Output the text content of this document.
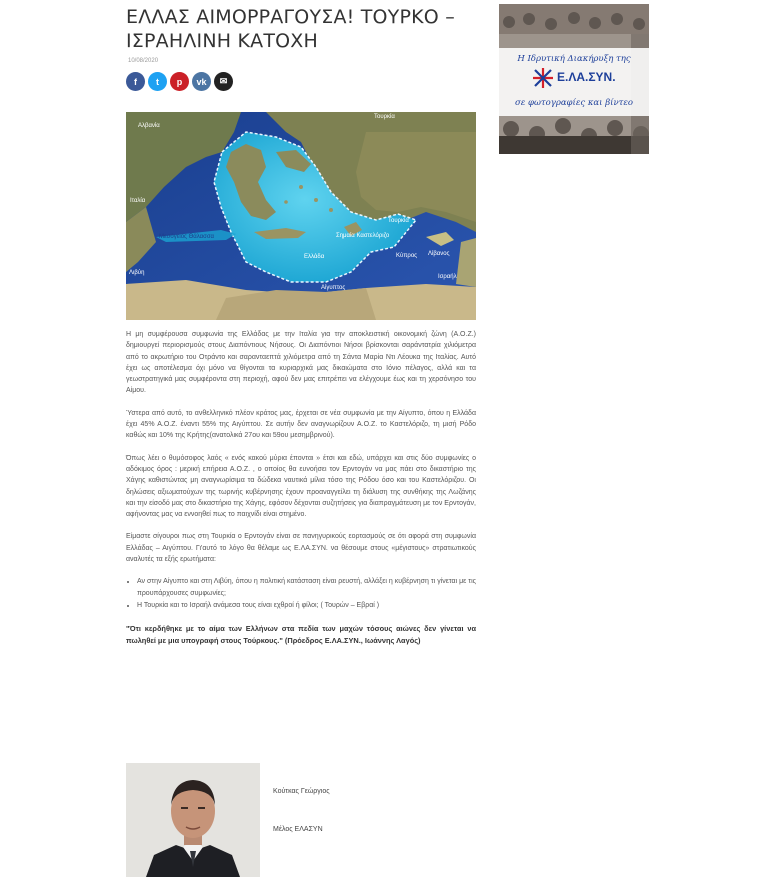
ΕΛΛΑΣ ΑΙΜΟΡΡΑΓΟΥΣΑ! ΤΟΥΡΚΟ – ΙΣΡΑΗΛΙΝΗ ΚΑΤΟΧΗ
10/08/2020
f t p vk ✉
Αλβανία
Ιταλία
Μεσόγειος Θάλασσα
Τουρκία
Τουρκία
Σημαία Καστελόριζο
Ελλάδα	Κύπρος Λίβανος
Ισραήλ
Λιβύη
Αίγυπτος

Η μη συμφέρουσα συμφωνία της Ελλάδας με την Ιταλία για την αποκλειστική οικονομική ζώνη (Α.Ο.Ζ.) δημιουργεί περιορισμούς στους Διαπόντιους Νήσους. Οι Διαπόντιοι Νήσοι βρίσκονται σαράντατρία χιλιόμετρα από το ακρωτήριο του Οτράντο και σαρανταεπτά χιλιόμετρα από τη Σάντα Μαρία Ντι Λέουκα της Ιταλίας. Αυτό έχει ως αποτέλεσμα όχι μόνο να θίγονται τα κυριαρχικά μας δικαιώματα στο Ιόνιο πέλαγος, αλλά και τα γεωστρατηγικά μας συμφέροντα στη περιοχή, αφού δεν μας επιτρέπει να ελέγχουμε έως και τη χερσόνησο του Αίμου.

Ύστερα από αυτό, το ανθελληνικό πλέον κράτος μας, έρχεται σε νέα συμφωνία με την Αίγυπτο, όπου η Ελλάδα έχει 45% Α.Ο.Ζ. έναντι 55% της Αιγύπτου. Σε αυτήν δεν αναγνωρίζουν Α.Ο.Ζ. το Καστελόριζο, τη μισή Ρόδο καθώς και 10% της Κρήτης(ανατολικά 27ου και 59ου μεσημβρινού).

Όπως λέει ο θυμόσοφος λαός « ενός κακού μύρια έπονται » έτσι και εδώ, υπάρχει και στις δύο συμφωνίες ο αδόκιμος όρος : μερική επήρεια Α.Ο.Ζ. , ο οποίος θα ευνοήσει τον Ερντογάν να μας πάει στο δικαστήριο της Χάγης καθιστώντας μη αναγνωρίσιμα τα δώδεκα ναυτικά μίλια τόσο της Ρόδου όσο και του Καστελόριζου. Οι δηλώσεις αξιωματούχων της τωρινής κυβέρνησης έχουν προαναγγείλει τη διάλυση της συνθήκης της Λωζάνης και την είσοδό μας στο δικαστήριο της Χάγης, εφόσον δέχονται συζητήσεις για διαπραγμάτευση με τον Ερντογάν, αφήνοντας μας να εννοηθεί πως το παιχνίδι είναι στημένο.

Είμαστε σίγουροι πως στη Τουρκία ο Ερντογάν είναι σε πανηγυρικούς εορτασμούς σε ότι αφορά στη συμφωνία Ελλάδας – Αιγύπτου. Γι'αυτό το λόγο θα θέλαμε ως Ε.ΛΑ.ΣΥΝ. να θέσουμε στους «μέγιστους» στρατιωτικούς αναλυτές τα εξής ερωτήματα:

• Αν στην Αίγυπτο και στη Λιβύη, όπου η πολιτική κατάσταση είναι ρευστή, αλλάξει η κυβέρνηση τι γίνεται με τις προυπάρχουσες συμφωνίες;
• Η Τουρκία και το Ισραήλ ανάμεσα τους είναι εχθροί ή φίλοι; ( Τουρών – Εβραί )

"Ότι κερδήθηκε με το αίμα των Ελλήνων στα πεδία των μαχών τόσους αιώνες δεν γίνεται να πωληθεί με μια υπογραφή στους Τούρκους." (Πρόεδρος Ε.ΛΑ.ΣΥΝ., Ιωάννης Λαγός)

Κούτκας Γεώργιος
Μέλος ΕΛΑΣΥΝ
Η Ιδρυτική Διακήρυξη της
Ε.ΛΑ.ΣΥΝ.
σε φωτογραφίες και βίντεο
